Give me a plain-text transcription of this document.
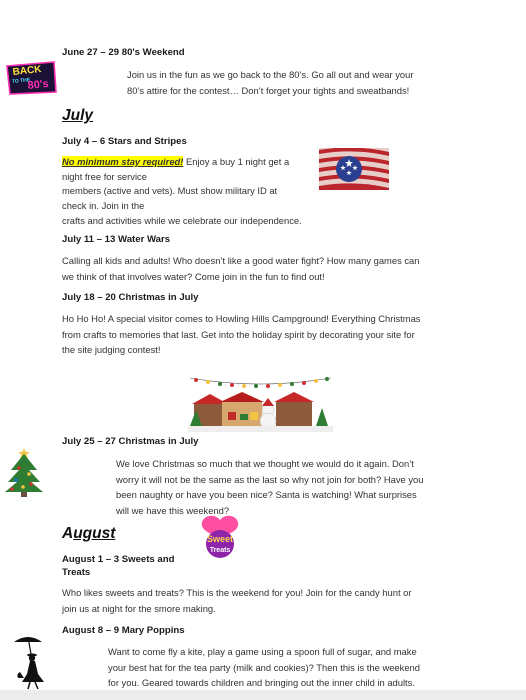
BACK
TO THE
80's
June 27 – 29 80's Weekend
Join us in the fun as we go back to the 80’s. Go all out and wear your
80’s attire for the contest… Don’t forget your tights and sweatbands!
July
July 4 – 6 Stars and Stripes
No minimum stay required! Enjoy a buy 1 night get a
night free for service
members (active and vets). Must show military ID at
check in. Join in the
crafts and activities while we celebrate our independence.
July 11 – 13 Water Wars
Calling all kids and adults! Who doesn’t like a good water fight? How many games can
we think of that involves water? Come join in the fun to find out!
July 18 – 20 Christmas in July
Ho Ho Ho! A special visitor comes to Howling Hills Campground! Everything Christmas
from crafts to memories that last. Get into the holiday spirit by decorating your site for
the site judging contest!
July 25 – 27 Christmas in July
We love Christmas so much that we thought we would do it again. Don’t
worry it will not be the same as the last so why not join for both? Have you
been naughty or have you been nice? Santa is watching! What surprises
will we have this weekend?
August	Sweet
Treats
August 1 – 3 Sweets and
Treats
Who likes sweets and treats? This is the weekend for you! Join for the candy hunt or
join us at night for the smore making.
August 8 – 9 Mary Poppins
Want to come fly a kite, play a game using a spoon full of sugar, and make
your best hat for the tea party (milk and cookies)? Then this is the weekend
for you. Geared towards children and bringing out the inner child in adults.
